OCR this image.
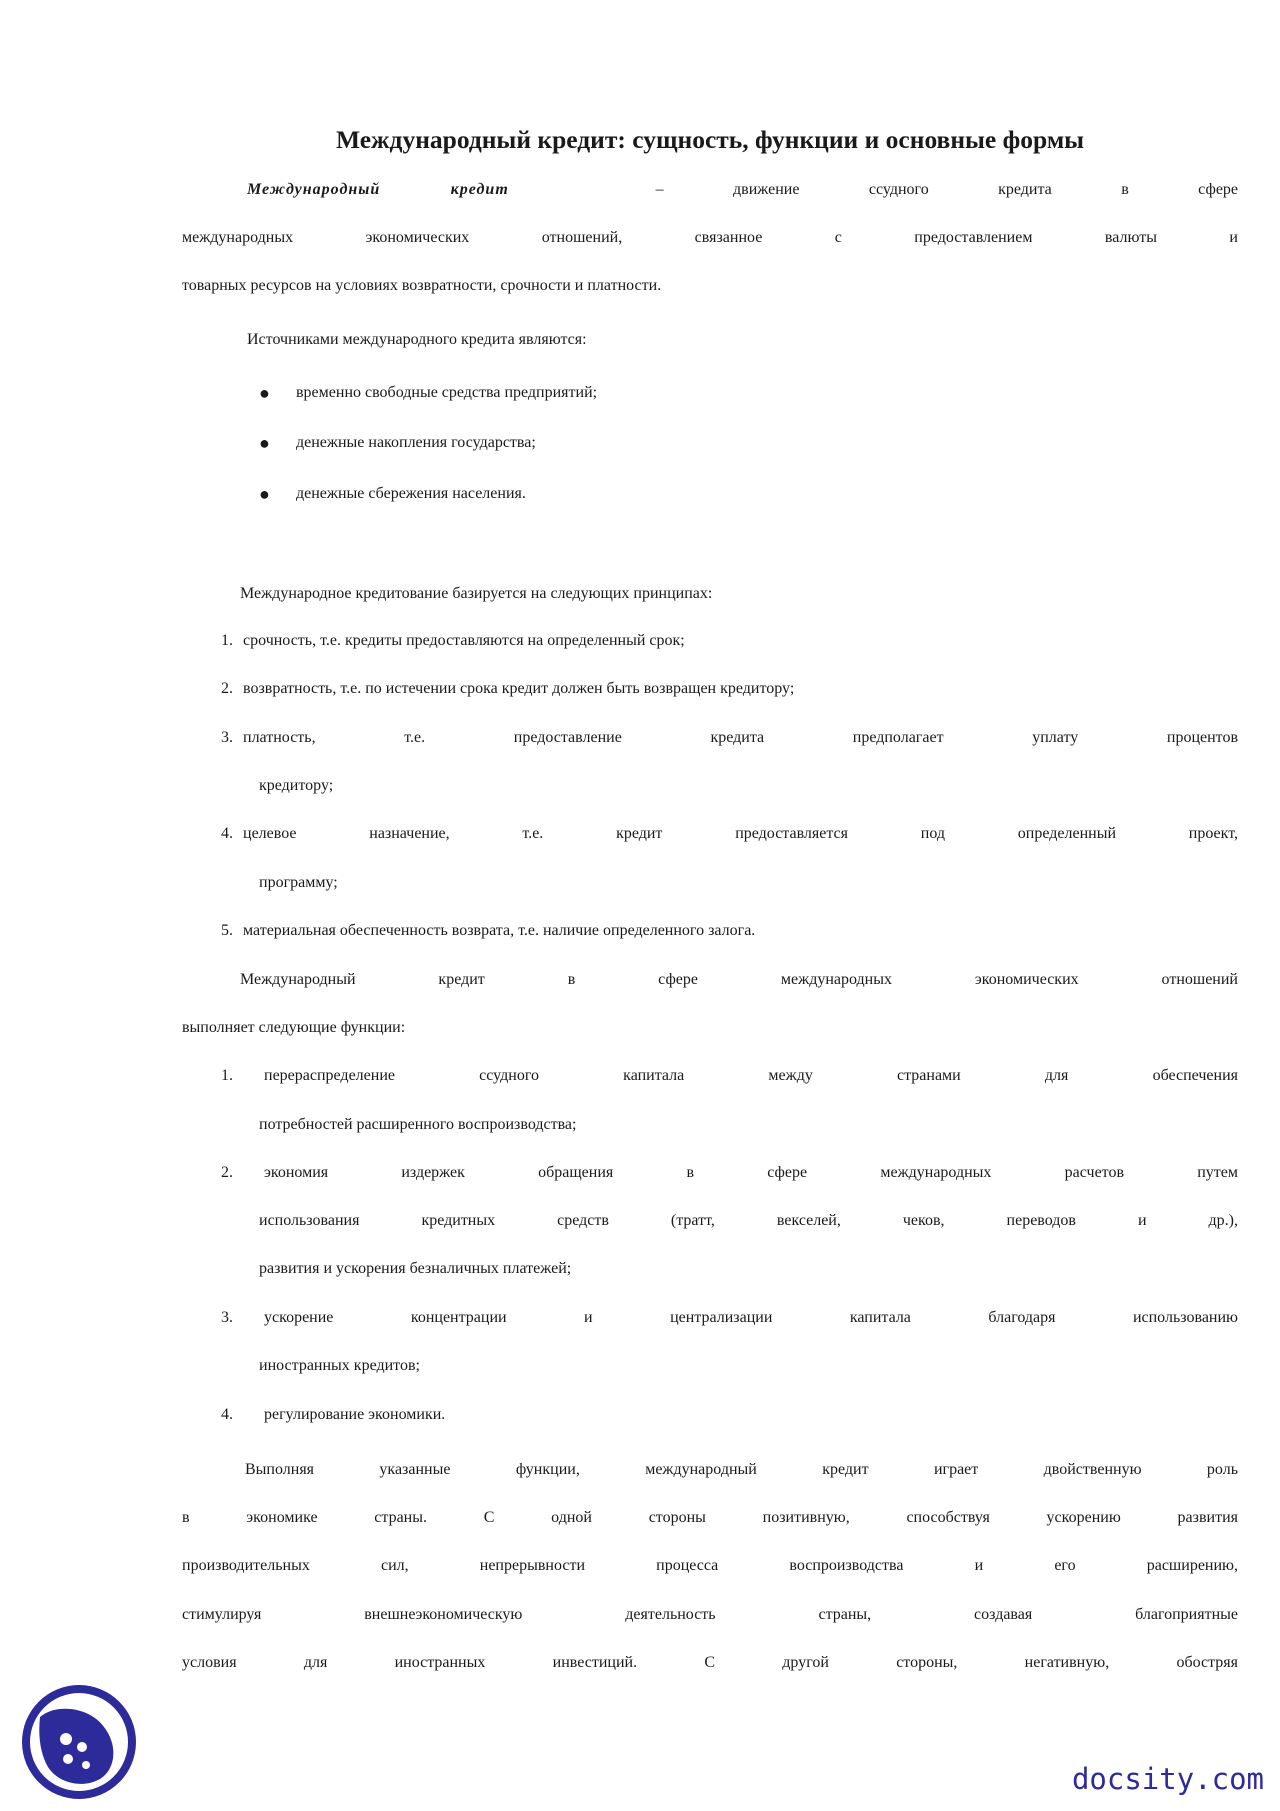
Международный кредит: сущность, функции и основные формы
Международный кредит	– движение ссудного кредита в сфере
международных экономических отношений, связанное с предоставлением валюты и
товарных ресурсов на условиях возвратности, срочности и платности.
Источниками международного кредита являются:
● временно свободные средства предприятий;
● денежные накопления государства;
● денежные сбережения населения.
Международное кредитование базируется на следующих принципах:
1. срочность, т.е. кредиты предоставляются на определенный срок;
2. возвратность, т.е. по истечении срока кредит должен быть возвращен кредитору;
3. платность, т.е. предоставление кредита предполагает уплату процентов
кредитору;
4. целевое назначение, т.е. кредит предоставляется под определенный проект,
программу;
5. материальная обеспеченность возврата, т.е. наличие определенного залога.
Международный кредит в сфере международных экономических отношений
выполняет следующие функции:
1. перераспределение ссудного капитала между странами для обеспечения
потребностей расширенного воспроизводства;
2. экономия издержек обращения в сфере международных расчетов путем
использования кредитных средств (тратт, векселей, чеков, переводов и др.),
развития и ускорения безналичных платежей;
3. ускорение концентрации и централизации капитала благодаря использованию
иностранных кредитов;
4. регулирование экономики.
Выполняя указанные функции, международный кредит играет двойственную роль
в экономике страны. С одной стороны позитивную, способствуя ускорению развития
производительных сил, непрерывности процесса воспроизводства и его расширению,
стимулируя внешнеэкономическую деятельность страны, создавая благоприятные
условия для иностранных инвестиций. С другой стороны, негативную, обостряя
docsity.com
